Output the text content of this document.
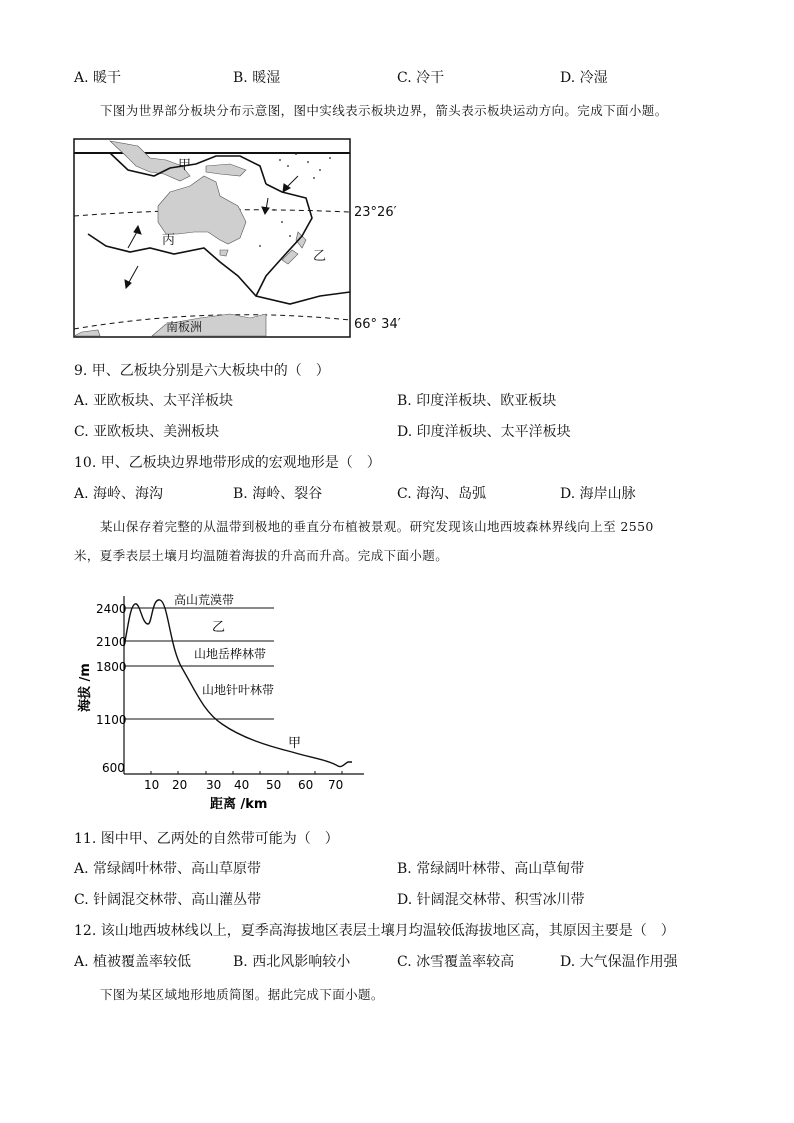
A. 暖干	B. 暖湿	C. 冷干	D. 冷湿
下图为世界部分板块分布示意图，图中实线表示板块边界，箭头表示板块运动方向。完成下面小题。
甲
乙
丙
南板洲
23°26′
66° 34′
9. 甲、乙板块分别是六大板块中的（　）
A. 亚欧板块、太平洋板块	B. 印度洋板块、欧亚板块
C. 亚欧板块、美洲板块	D. 印度洋板块、太平洋板块
10. 甲、乙板块边界地带形成的宏观地形是（　）
A. 海岭、海沟	B. 海岭、裂谷	C. 海沟、岛弧	D. 海岸山脉
某山保存着完整的从温带到极地的垂直分布植被景观。研究发现该山地西坡森林界线向上至 2550
米，夏季表层土壤月均温随着海拔的升高而升高。完成下面小题。
2400
2100
1800
1100
600
10 20 30 40 50 60 70
距离 /km
海拔 /m
高山荒漠带
乙
山地岳桦林带
山地针叶林带
甲
11. 图中甲、乙两处的自然带可能为（　）
A. 常绿阔叶林带、高山草原带	B. 常绿阔叶林带、高山草甸带
C. 针阔混交林带、高山灌丛带	D. 针阔混交林带、积雪冰川带
12. 该山地西坡林线以上，夏季高海拔地区表层土壤月均温较低海拔地区高，其原因主要是（　）
A. 植被覆盖率较低	B. 西北风影响较小	C. 冰雪覆盖率较高	D. 大气保温作用强
下图为某区域地形地质简图。据此完成下面小题。
